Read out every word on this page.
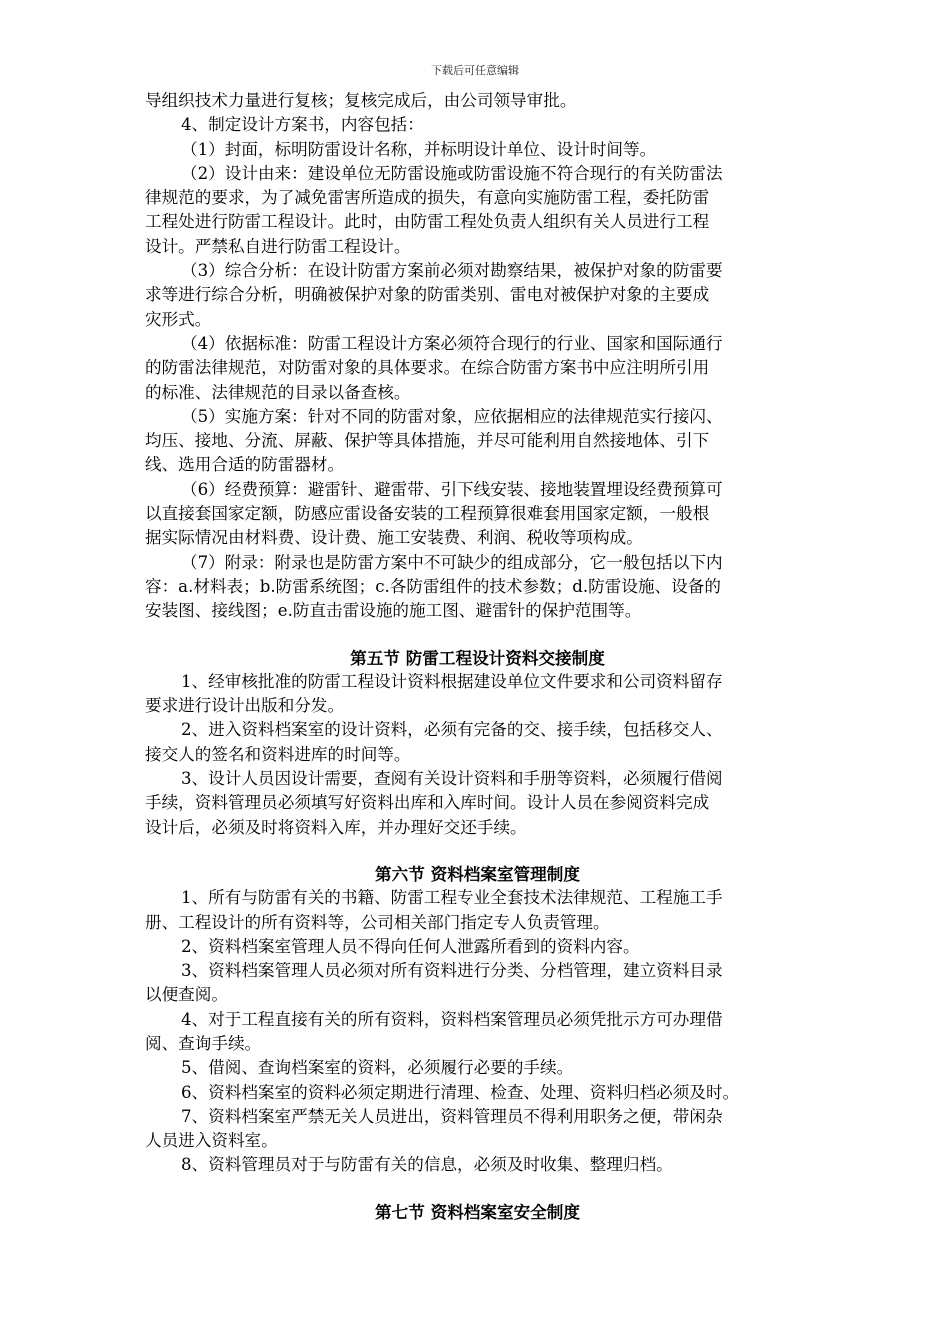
下载后可任意编辑
导组织技术力量进行复核；复核完成后，由公司领导审批。
4、制定设计方案书，内容包括：
（1）封面，标明防雷设计名称，并标明设计单位、设计时间等。
（2）设计由来：建设单位无防雷设施或防雷设施不符合现行的有关防雷法
律规范的要求，为了减免雷害所造成的损失，有意向实施防雷工程，委托防雷
工程处进行防雷工程设计。此时，由防雷工程处负责人组织有关人员进行工程
设计。严禁私自进行防雷工程设计。
（3）综合分析：在设计防雷方案前必须对勘察结果，被保护对象的防雷要
求等进行综合分析，明确被保护对象的防雷类别、雷电对被保护对象的主要成
灾形式。
（4）依据标准：防雷工程设计方案必须符合现行的行业、国家和国际通行
的防雷法律规范，对防雷对象的具体要求。在综合防雷方案书中应注明所引用
的标准、法律规范的目录以备查核。
（5）实施方案：针对不同的防雷对象，应依据相应的法律规范实行接闪、
均压、接地、分流、屏蔽、保护等具体措施，并尽可能利用自然接地体、引下
线、选用合适的防雷器材。
（6）经费预算：避雷针、避雷带、引下线安装、接地装置埋设经费预算可
以直接套国家定额，防感应雷设备安装的工程预算很难套用国家定额，一般根
据实际情况由材料费、设计费、施工安装费、利润、税收等项构成。
（7）附录：附录也是防雷方案中不可缺少的组成部分，它一般包括以下内
容：a.材料表；b.防雷系统图；c.各防雷组件的技术参数；d.防雷设施、设备的
安装图、接线图；e.防直击雷设施的施工图、避雷针的保护范围等。
第五节 防雷工程设计资料交接制度
1、经审核批准的防雷工程设计资料根据建设单位文件要求和公司资料留存
要求进行设计出版和分发。
2、进入资料档案室的设计资料，必须有完备的交、接手续，包括移交人、
接交人的签名和资料进库的时间等。
3、设计人员因设计需要，查阅有关设计资料和手册等资料，必须履行借阅
手续，资料管理员必须填写好资料出库和入库时间。设计人员在参阅资料完成
设计后，必须及时将资料入库，并办理好交还手续。
第六节 资料档案室管理制度
1、所有与防雷有关的书籍、防雷工程专业全套技术法律规范、工程施工手
册、工程设计的所有资料等，公司相关部门指定专人负责管理。
2、资料档案室管理人员不得向任何人泄露所看到的资料内容。
3、资料档案管理人员必须对所有资料进行分类、分档管理，建立资料目录
以便查阅。
4、对于工程直接有关的所有资料，资料档案管理员必须凭批示方可办理借
阅、查询手续。
5、借阅、查询档案室的资料，必须履行必要的手续。
6、资料档案室的资料必须定期进行清理、检查、处理、资料归档必须及时。
7、资料档案室严禁无关人员进出，资料管理员不得利用职务之便，带闲杂
人员进入资料室。
8、资料管理员对于与防雷有关的信息，必须及时收集、整理归档。
第七节 资料档案室安全制度
